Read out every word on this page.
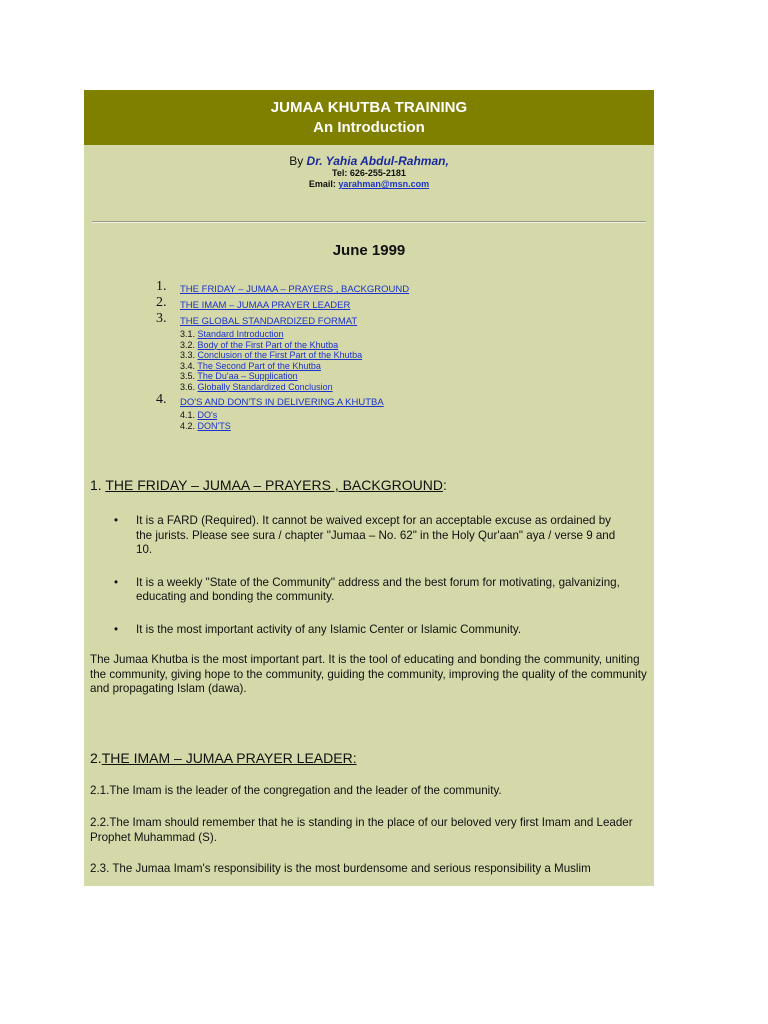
JUMAA KHUTBA TRAINING
An Introduction
By Dr. Yahia Abdul-Rahman,
Tel: 626-255-2181
Email: yarahman@msn.com
June 1999
1. THE FRIDAY – JUMAA – PRAYERS , BACKGROUND
2. THE IMAM – JUMAA PRAYER LEADER
3. THE GLOBAL STANDARDIZED FORMAT
3.1. Standard Introduction
3.2. Body of the First Part of the Khutba
3.3. Conclusion of the First Part of the Khutba
3.4. The Second Part of the Khutba
3.5. The Du'aa – Supplication
3.6. Globally Standardized Conclusion
4. DO'S AND DON'TS IN DELIVERING A KHUTBA
4.1. DO's
4.2. DON'TS
1. THE FRIDAY – JUMAA – PRAYERS , BACKGROUND:
• It is a FARD (Required). It cannot be waived except for an acceptable excuse as ordained by the jurists. Please see sura / chapter "Jumaa – No. 62" in the Holy Qur'aan" aya / verse 9 and 10.
• It is a weekly "State of the Community" address and the best forum for motivating, galvanizing, educating and bonding the community.
• It is the most important activity of any Islamic Center or Islamic Community.
The Jumaa Khutba is the most important part. It is the tool of educating and bonding the community, uniting the community, giving hope to the community, guiding the community, improving the quality of the community and propagating Islam (dawa).
2.THE IMAM – JUMAA PRAYER LEADER:
2.1.The Imam is the leader of the congregation and the leader of the community.
2.2.The Imam should remember that he is standing in the place of our beloved very first Imam and Leader Prophet Muhammad (S).
2.3. The Jumaa Imam's responsibility is the most burdensome and serious responsibility a Muslim
